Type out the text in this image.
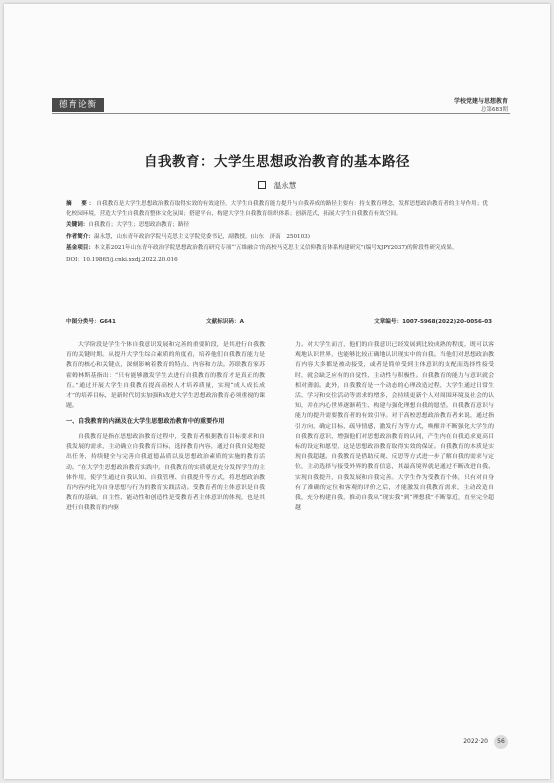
德育论衡	学校党建与思想教育
总第683期
自我教育：大学生思想政治教育的基本路径
温永慧

摘　要：自我教育是大学生思想政治教育取得实效的有效途径。大学生自我教育能力提升与自我养成的路径主要有：持支教育理念，发挥思想政治教育者的主导作用；优化校园环境，营造大学生自我教育整体文化氛围；搭建平台，构建大学生自我教育组织体系；创新范式，拓展大学生自我教育有效空间。

关键词：自我教育；大学生；思想政治教育；路径

作者简介：温永慧，山东青年政治学院马克思主义学院党委书记，副教授。(山东　济南　250103)

基金项目：本文系2021年山东青年政治学院思想政治教育研究专项“‘五维融合’的高校马克思主义信仰教育体系构建研究”(编号XJPY2037)的阶段性研究成果。

DOI：10.19865/j.cnki.xxdj.2022.20.016

中图分类号：G641	文献标识码：A	文章编号：1007-5968(2022)20-0056-03

大学阶段是学生个体自我意识发展和完善的重要阶段，是其进行自我教育的关键时期。从提升大学生综合素质的角度看，培养他们自我教育能力是教育的核心和关键点，深刻影响着教育的特点、内容和方法。苏联教育家苏霍姆林斯基指出：“只有能够激发学生去进行自我教育的教育才是真正的教育。”通过开展大学生自我教育提高高校人才培养质量，实现“成人成长成才”的培养目标，是新时代切实加强和改进大学生思想政治教育必须重视的课题。

一、自我教育的内涵及在大学生思想政治教育中的重要作用

自我教育是指在思想政治教育过程中，受教育者根据教育目标要求和自我发展的需求，主动确立自我教育目标，选择教育内容，通过自我自觉地提出任务，持续健全与完善自我道德品质以及思想政治素质的实施的教育活动。“在大学生思想政治教育实践中，自我教育的实质就是充分发挥学生的主体作用，使学生通过自我认知、自我管理、自我提升等方式，将思想政治教育内容内化为自身思想与行为的教育实践活动。受教育者的主体意识是自我教育的基础，自主性、能动性和创造性是受教育者主体意识的体现，也是其进行自我教育的内驱

力。对大学生而言，他们的自我意识已经发展到比较成熟的程度，既可以客观地认识世界，也能够比较正确地认识现实中的自我。当他们对思想政治教育内容大多都是被动接受，或者是简单受到主体意识的支配而选择性接受时，就会缺乏应有的自觉性、主动性与积极性。自我教育的能力与意识就会相对薄弱。此外，自我教育是一个动态的心理改造过程，大学生通过日常生活、学习和交往活动等需求的增多，会持续更新个人对周围环境及社会的认知，并在内心世界逐渐萌生、构建与强化理想自我的愿望。自我教育意识与能力的提升需要教育者的有效引导。对于高校思想政治教育者来说，通过指引方向，确定目标，疏导情感，激发行为等方式，唤醒并不断强化大学生的自我教育意识，增强他们对思想政治教育的认同，产生内在自我追求更高目标的设定和愿望，这是思想政治教育取得实效的保证。自我教育的本质是实现自我超越。自我教育是借助反观、反思等方式进一步了解自我的需求与定位，主动选择与接受外界的教育信息，其最高境界就是通过不断改进自我、实现自我提升，自我发展和自我完善。大学生作为受教育个体，只有对自身有了准确的定位和客观的评价之后，才能激发自我教育需求，主动改造自我，充分构建自我，推动自我从“现实我”到“理想我”不断靠近，直至完全超越

2022·20 56
